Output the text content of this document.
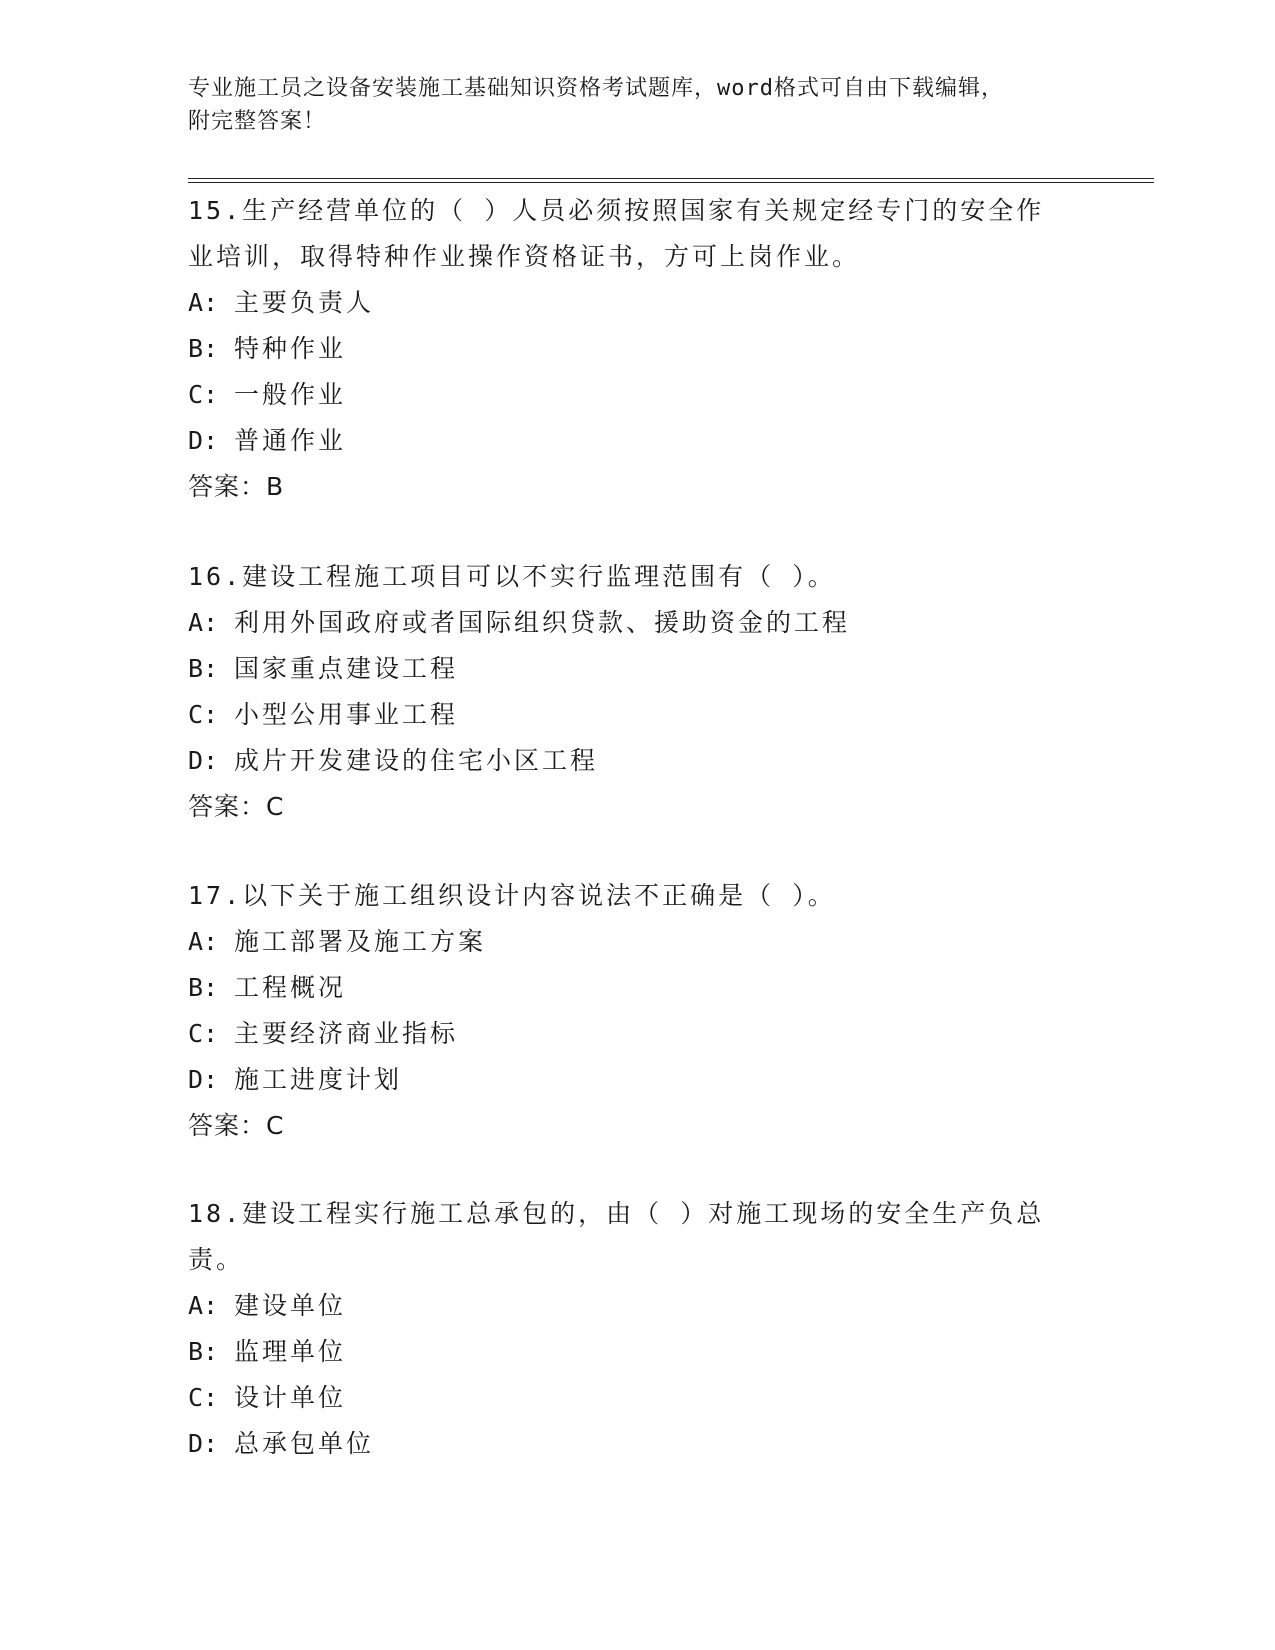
专业施工员之设备安装施工基础知识资格考试题库，word格式可自由下载编辑，
附完整答案！

15.生产经营单位的（ ）人员必须按照国家有关规定经专门的安全作业培训，取得特种作业操作资格证书，方可上岗作业。

A: 主要负责人

B: 特种作业

C: 一般作业

D: 普通作业

答案：B

16.建设工程施工项目可以不实行监理范围有（ ）。

A: 利用外国政府或者国际组织贷款、援助资金的工程

B: 国家重点建设工程

C: 小型公用事业工程

D: 成片开发建设的住宅小区工程

答案：C

17.以下关于施工组织设计内容说法不正确是（ ）。

A: 施工部署及施工方案

B: 工程概况

C: 主要经济商业指标

D: 施工进度计划

答案：C

18.建设工程实行施工总承包的，由（ ）对施工现场的安全生产负总责。

A: 建设单位

B: 监理单位

C: 设计单位

D: 总承包单位
